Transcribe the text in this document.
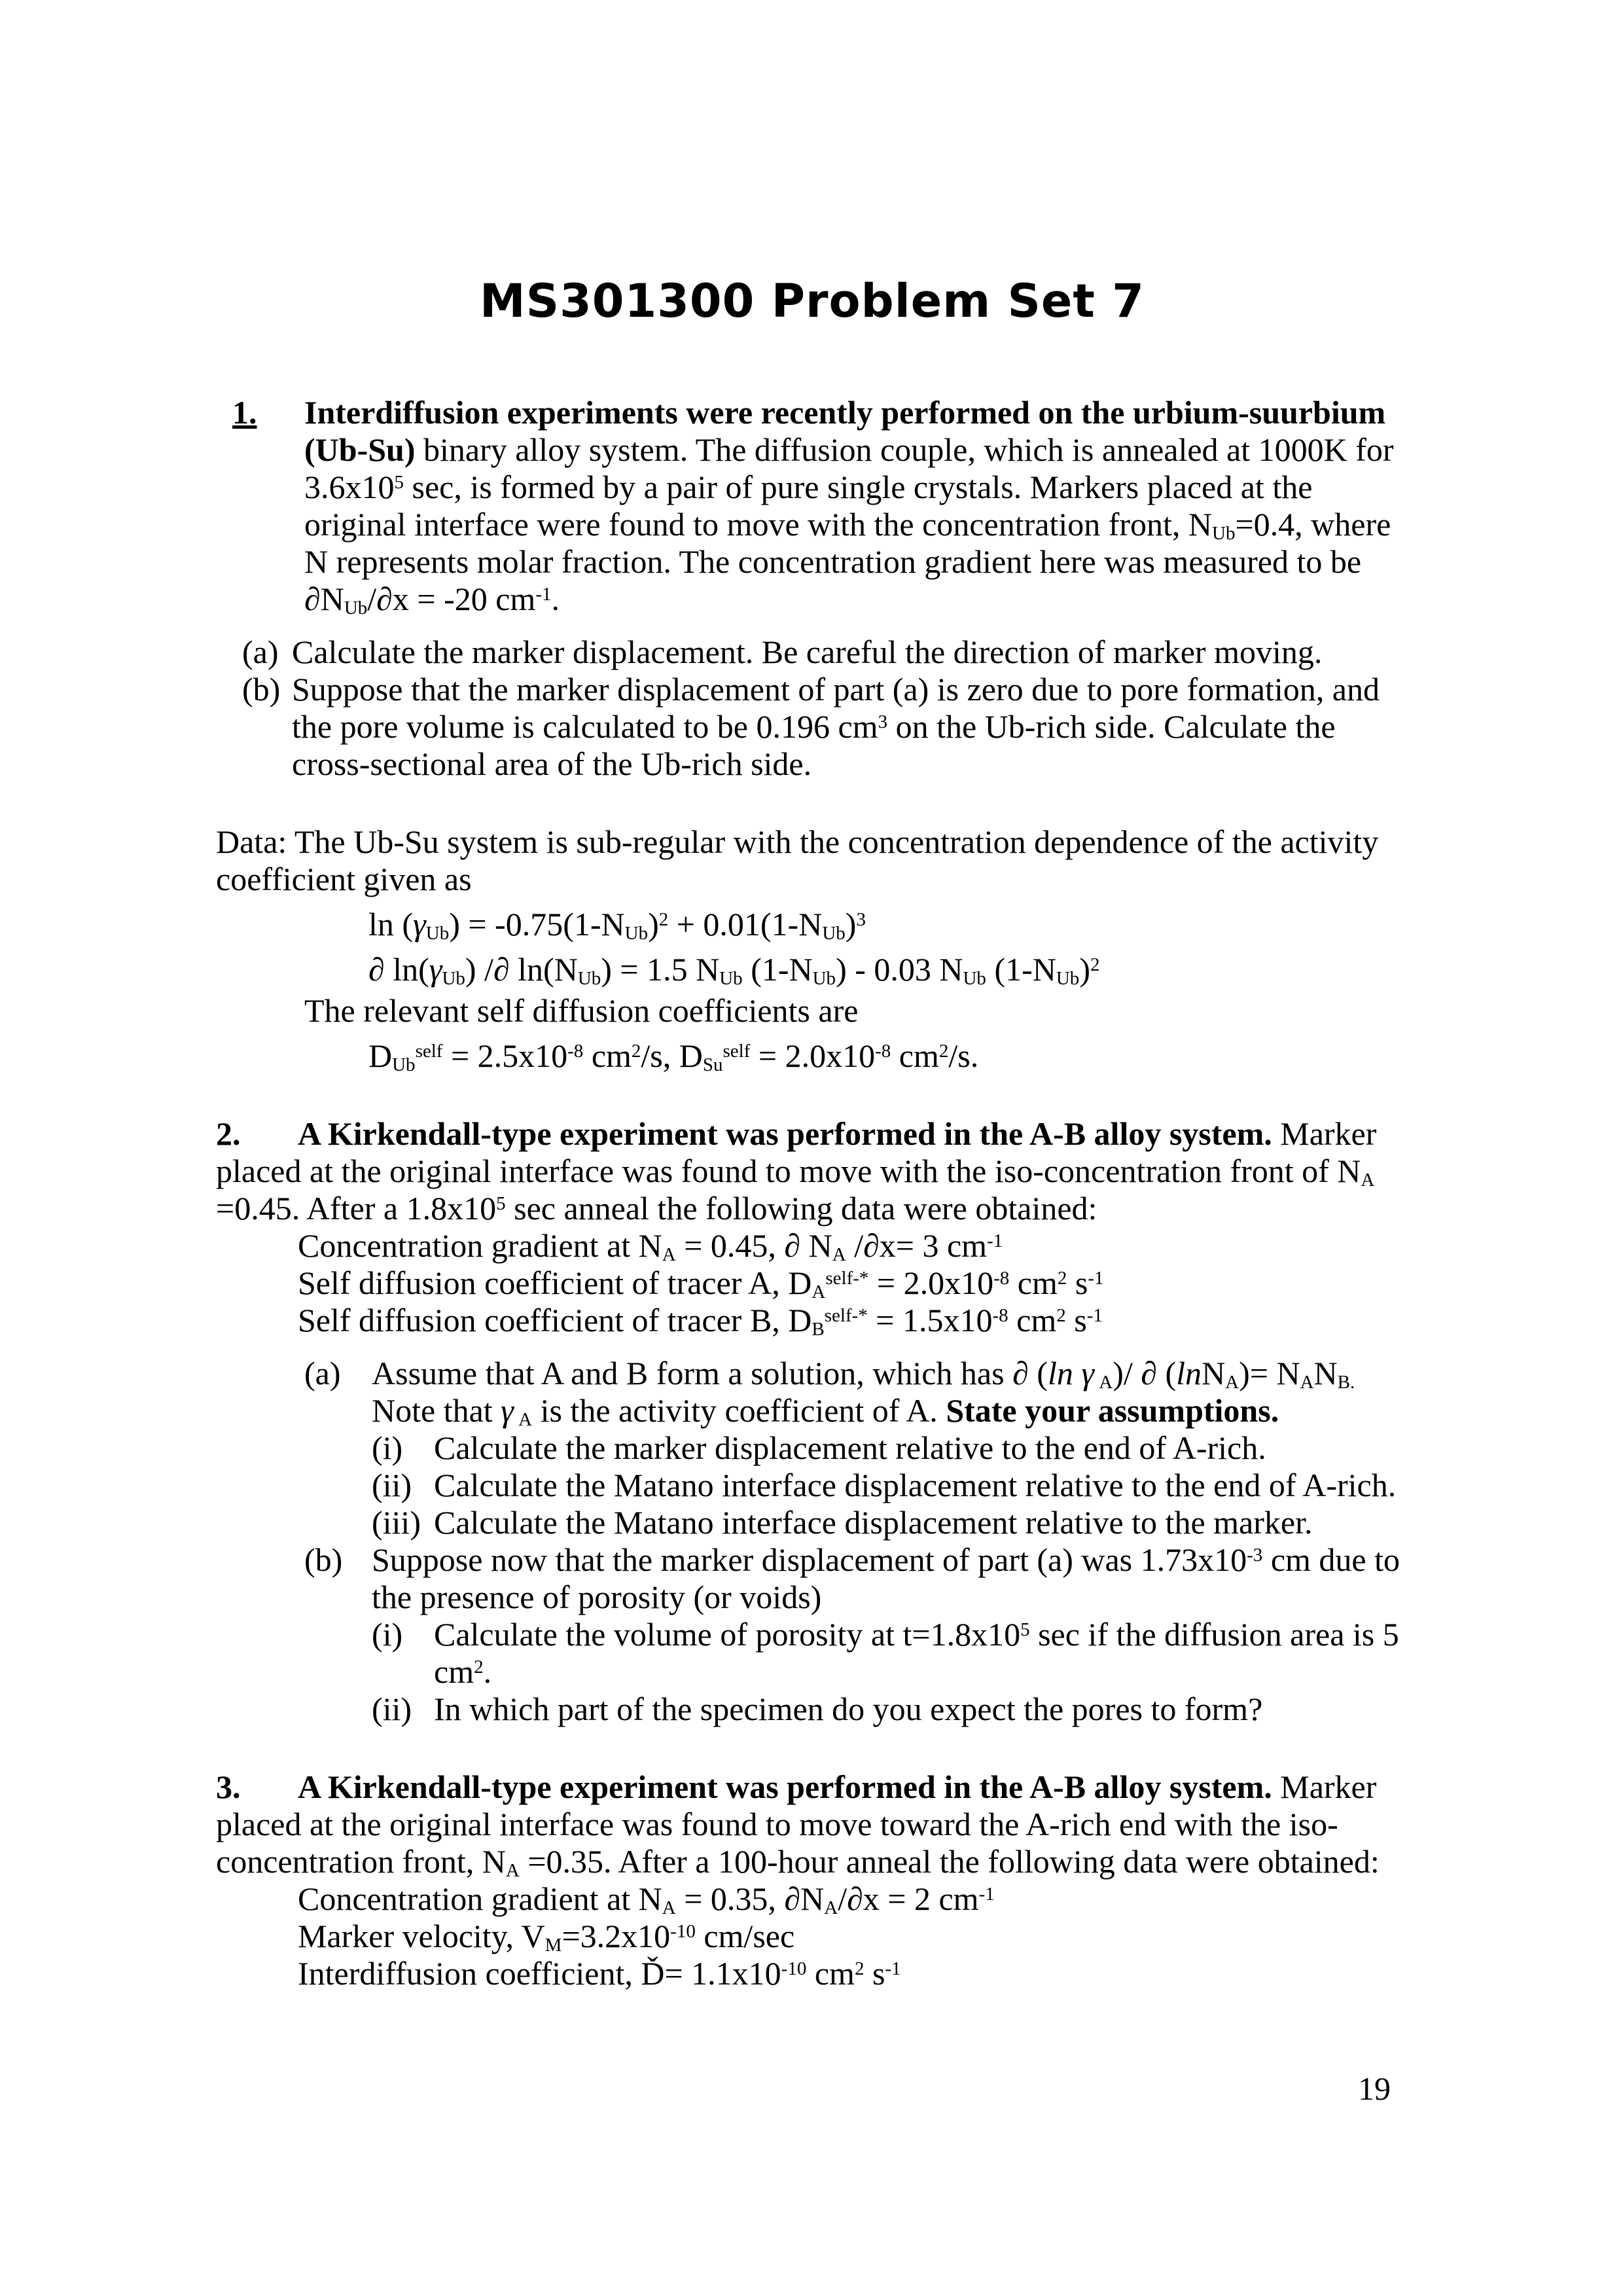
MS301300 Problem Set 7
1. Interdiffusion experiments were recently performed on the urbium-suurbium (Ub-Su) binary alloy system. The diffusion couple, which is annealed at 1000K for $3.6x10^5$ sec, is formed by a pair of pure single crystals. Markers placed at the original interface were found to move with the concentration front, NUb=0.4, where N represents molar fraction. The concentration gradient here was measured to be ∂NUb/∂x = -20 $cm^{-1}$.
(a) Calculate the marker displacement. Be careful the direction of marker moving.
(b) Suppose that the marker displacement of part (a) is zero due to pore formation, and the pore volume is calculated to be 0.196 $cm^3$ on the Ub-rich side. Calculate the cross-sectional area of the Ub-rich side.
Data: The Ub-Su system is sub-regular with the concentration dependence of the activity coefficient given as
$\ln (\gamma Ub) = -0.75(1-NUb)^2 + 0.01(1-NUb)^3$
∂ ln(γUb) /∂ ln(NUb) = 1.5 NUb (1-NUb) - 0.03 NUb $(1-NUb)^2$
The relevant self diffusion coefficients are
$DUb^{self} = 2.5x10^{-8}$ $cm^2/s$, $DSu^{self} = 2.0x10^{-8}$ $cm^2/s$.
2. A Kirkendall-type experiment was performed in the A-B alloy system. Marker placed at the original interface was found to move with the iso-concentration front of NA =0.45. After a $1.8x10^5$ sec anneal the following data were obtained:
Concentration gradient at NA = 0.45, ∂ NA /∂x= 3 $cm^{-1}$
Self diffusion coefficient of tracer A, $DA^{self-*} = 2.0x10^{-8}$ $cm^2$ $s^{-1}$
Self diffusion coefficient of tracer B, $DB^{self-*} = 1.5x10^{-8}$ $cm^2$ $s^{-1}$
(a) Assume that A and B form a solution, which has ∂ (ln γ A)/ ∂ (lnNA)= NANB. Note that γ A is the activity coefficient of A. State your assumptions.
(i) Calculate the marker displacement relative to the end of A-rich.
(ii) Calculate the Matano interface displacement relative to the end of A-rich.
(iii) Calculate the Matano interface displacement relative to the marker.
(b) Suppose now that the marker displacement of part (a) was $1.73x10^{-3}$ cm due to the presence of porosity (or voids)
(i) Calculate the volume of porosity at $t=1.8x10^5$ sec if the diffusion area is 5 $cm^2$.
(ii) In which part of the specimen do you expect the pores to form?
3. A Kirkendall-type experiment was performed in the A-B alloy system. Marker placed at the original interface was found to move toward the A-rich end with the iso-concentration front, NA =0.35. After a 100-hour anneal the following data were obtained:
Concentration gradient at NA = 0.35, ∂NA/∂x = 2 $cm^{-1}$
Marker velocity, $VM=3.2x10^{-10}$ cm/sec
Interdiffusion coefficient, Ď= $1.1x10^{-10}$ $cm^2$ $s^{-1}$
19
